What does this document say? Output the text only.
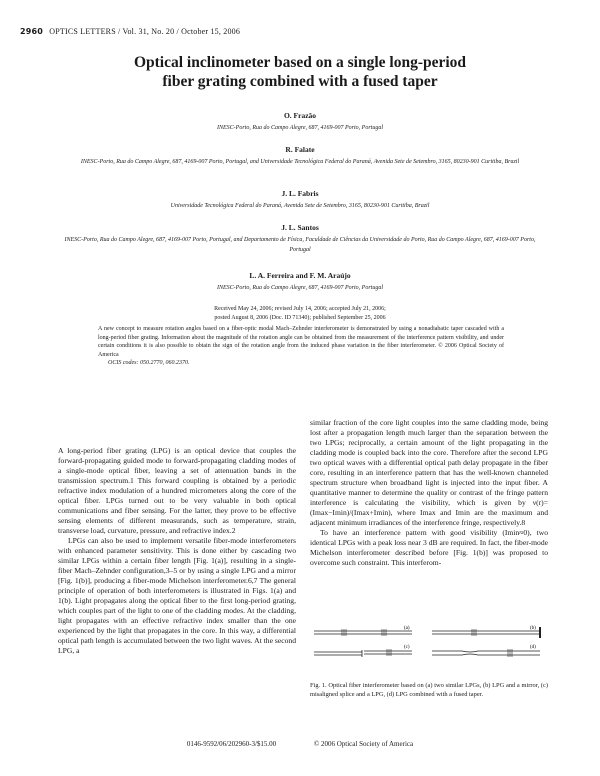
2960 OPTICS LETTERS / Vol. 31, No. 20 / October 15, 2006
Optical inclinometer based on a single long-period
fiber grating combined with a fused taper
O. Frazão
INESC-Porto, Rua do Campo Alegre, 687, 4169-007 Porto, Portugal
R. Falate
INESC-Porto, Rua do Campo Alegre, 687, 4169-007 Porto, Portugal, and Universidade Tecnológica Federal do Paraná, Avenida Sete de Setembro, 3165, 80230-901 Curitiba, Brazil
J. L. Fabris
Universidade Tecnológica Federal do Paraná, Avenida Sete de Setembro, 3165, 80230-901 Curitiba, Brazil
J. L. Santos
INESC-Porto, Rua do Campo Alegre, 687, 4169-007 Porto, Portugal, and Departamento de Física, Faculdade de Ciências da Universidade do Porto, Rua do Campo Alegre, 687, 4169-007 Porto, Portugal
L. A. Ferreira and F. M. Araújo
INESC-Porto, Rua do Campo Alegre, 687, 4169-007 Porto, Portugal
Received May 24, 2006; revised July 14, 2006; accepted July 21, 2006;
posted August 8, 2006 (Doc. ID 71340); published September 25, 2006
A new concept to measure rotation angles based on a fiber-optic modal Mach–Zehnder interferometer is demonstrated by using a nonadiabatic taper cascaded with a long-period fiber grating. Information about the magnitude of the rotation angle can be obtained from the measurement of the interference pattern visibility, and under certain conditions it is also possible to obtain the sign of the rotation angle from the induced phase variation in the fiber interferometer. © 2006 Optical Society of America
OCIS codes: 050.2770, 060.2370.

A long-period fiber grating (LPG) is an optical device that couples the forward-propagating guided mode to forward-propagating cladding modes of a single-mode optical fiber, leaving a set of attenuation bands in the transmission spectrum.1 This forward coupling is obtained by a periodic refractive index modulation of a hundred micrometers along the core of the optical fiber. LPGs turned out to be very valuable in both optical communications and fiber sensing. For the latter, they prove to be effective sensing elements of different measurands, such as temperature, strain, transverse load, curvature, pressure, and refractive index.2

LPGs can also be used to implement versatile fiber-mode interferometers with enhanced parameter sensitivity. This is done either by cascading two similar LPGs within a certain fiber length [Fig. 1(a)], resulting in a single-fiber Mach–Zehnder configuration,3–5 or by using a single LPG and a mirror [Fig. 1(b)], producing a fiber-mode Michelson interferometer.6,7 The general principle of operation of both interferometers is illustrated in Figs. 1(a) and 1(b). Light propagates along the optical fiber to the first long-period grating, which couples part of the light to one of the cladding modes. At the cladding, light propagates with an effective refractive index smaller than the one experienced by the light that propagates in the core. In this way, a differential optical path length is accumulated between the two light waves. At the second LPG, a

similar fraction of the core light couples into the same cladding mode, being lost after a propagation length much larger than the separation between the two LPGs; reciprocally, a certain amount of the light propagating in the cladding mode is coupled back into the core. Therefore after the second LPG two optical waves with a differential optical path delay propagate in the fiber core, resulting in an interference pattern that has the well-known channeled spectrum structure when broadband light is injected into the input fiber. A quantitative manner to determine the quality or contrast of the fringe pattern interference is calculating the visibility, which is given by ν(r)=(Imax−Imin)/(Imax+Imin), where Imax and Imin are the maximum and adjacent minimum irradiances of the interference fringe, respectively.8

To have an interference pattern with good visibility (Imin≈0), two identical LPGs with a peak loss near 3 dB are required. In fact, the fiber-mode Michelson interferometer described before [Fig. 1(b)] was proposed to overcome such constraint. This interferom-

(a)	(b)
(c)	(d)
Fig. 1. Optical fiber interferometer based on (a) two similar LPGs, (b) LPG and a mirror, (c) misaligned splice and a LPG, (d) LPG combined with a fused taper.
0146-9592/06/202960-3/$15.00	© 2006 Optical Society of America
